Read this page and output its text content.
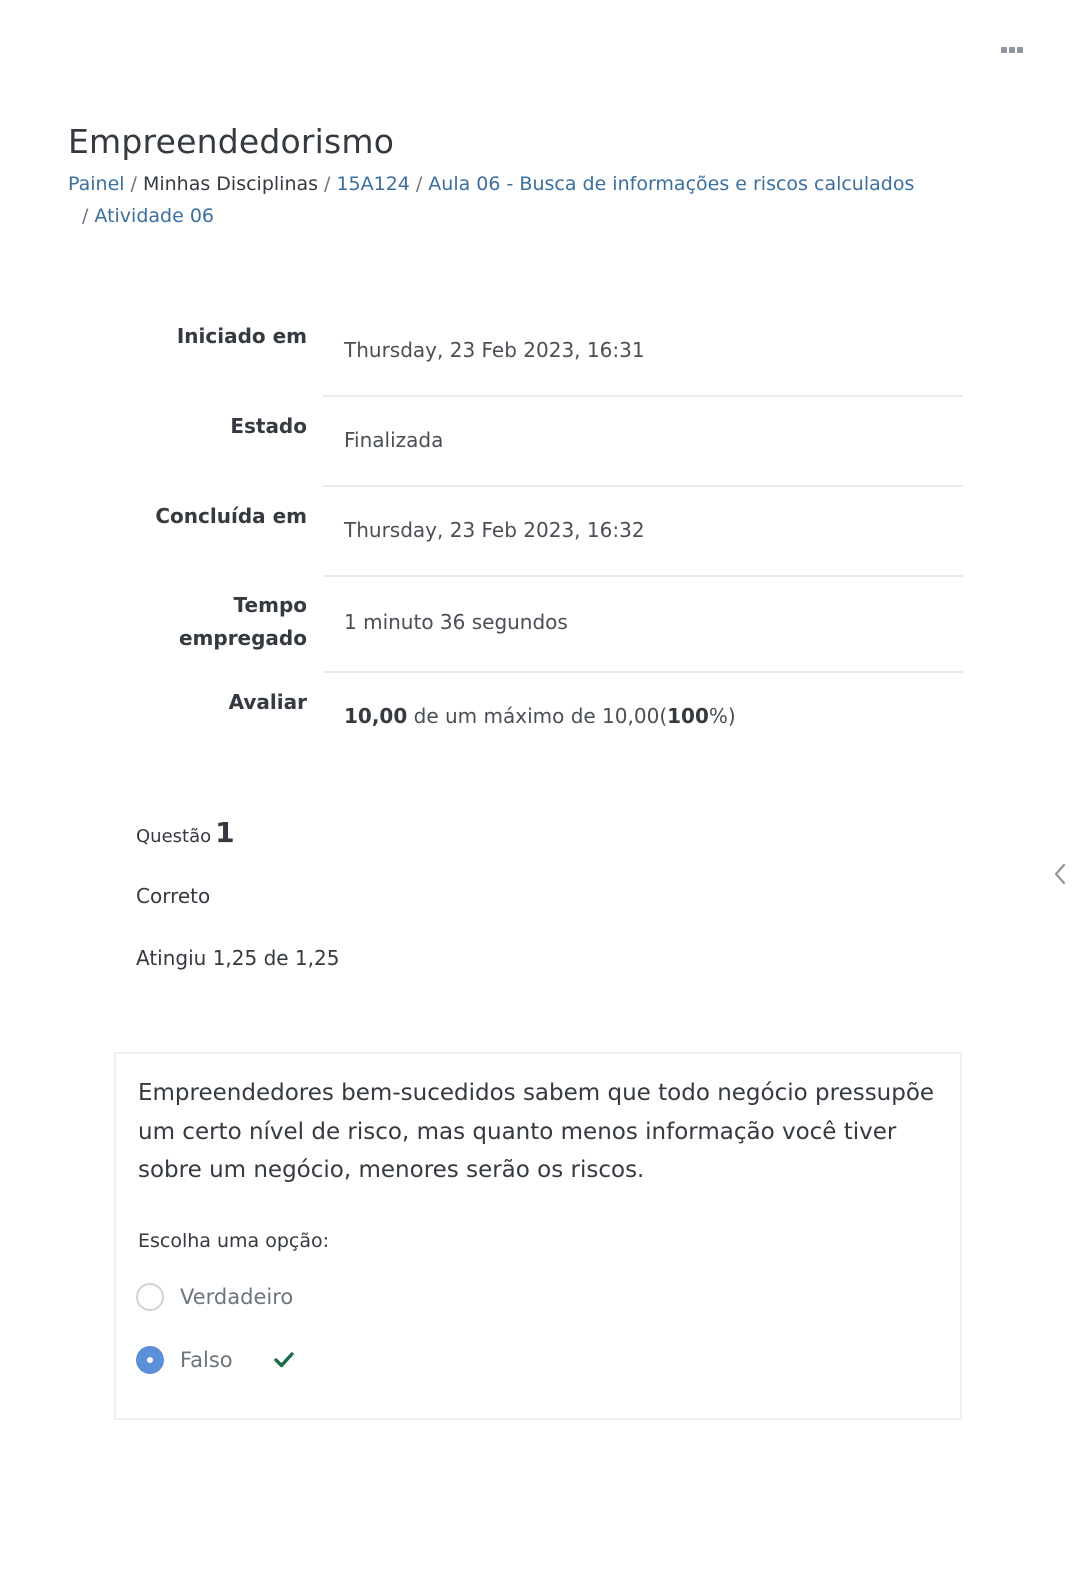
Empreendedorismo
Painel / Minhas Disciplinas / 15A124 / Aula 06 - Busca de informações e riscos calculados
/ Atividade 06
Iniciado em
Thursday, 23 Feb 2023, 16:31
Estado
Finalizada
Concluída em
Thursday, 23 Feb 2023, 16:32
Tempo
empregado
1 minuto 36 segundos
Avaliar
10,00 de um máximo de 10,00(100%)
Questão 1
Correto
Atingiu 1,25 de 1,25

Empreendedores bem-sucedidos sabem que todo negócio pressupõe um certo nível de risco, mas quanto menos informação você tiver sobre um negócio, menores serão os riscos.

Escolha uma opção:
Verdadeiro
Falso
